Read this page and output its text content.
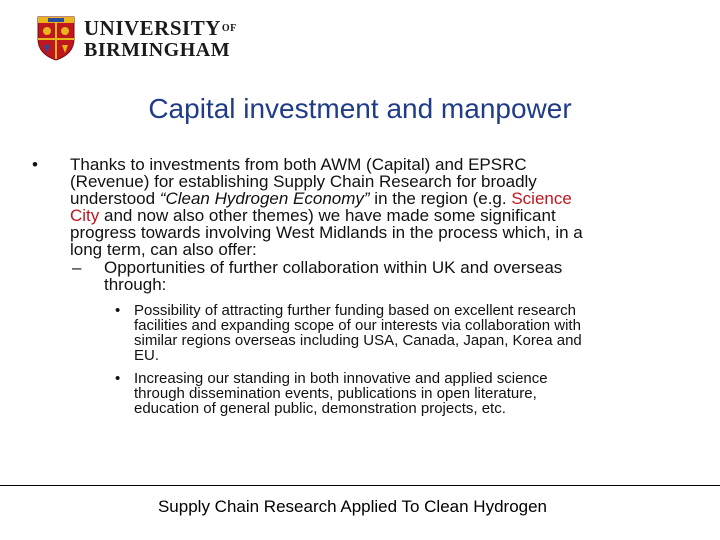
$UNIVERSITY^{OF}$
BIRMINGHAM
Capital investment and manpower
• Thanks to investments from both AWM (Capital) and EPSRC
(Revenue) for establishing Supply Chain Research for broadly
understood “Clean Hydrogen Economy” in the region (e.g. Science
City and now also other themes) we have made some significant
progress towards involving West Midlands in the process which, in a
long term, can also offer:
– Opportunities of further collaboration within UK and overseas
through:
• Possibility of attracting further funding based on excellent research
facilities and expanding scope of our interests via collaboration with
similar regions overseas including USA, Canada, Japan, Korea and
EU.
• Increasing our standing in both innovative and applied science
through dissemination events, publications in open literature,
education of general public, demonstration projects, etc.
Supply Chain Research Applied To Clean Hydrogen
